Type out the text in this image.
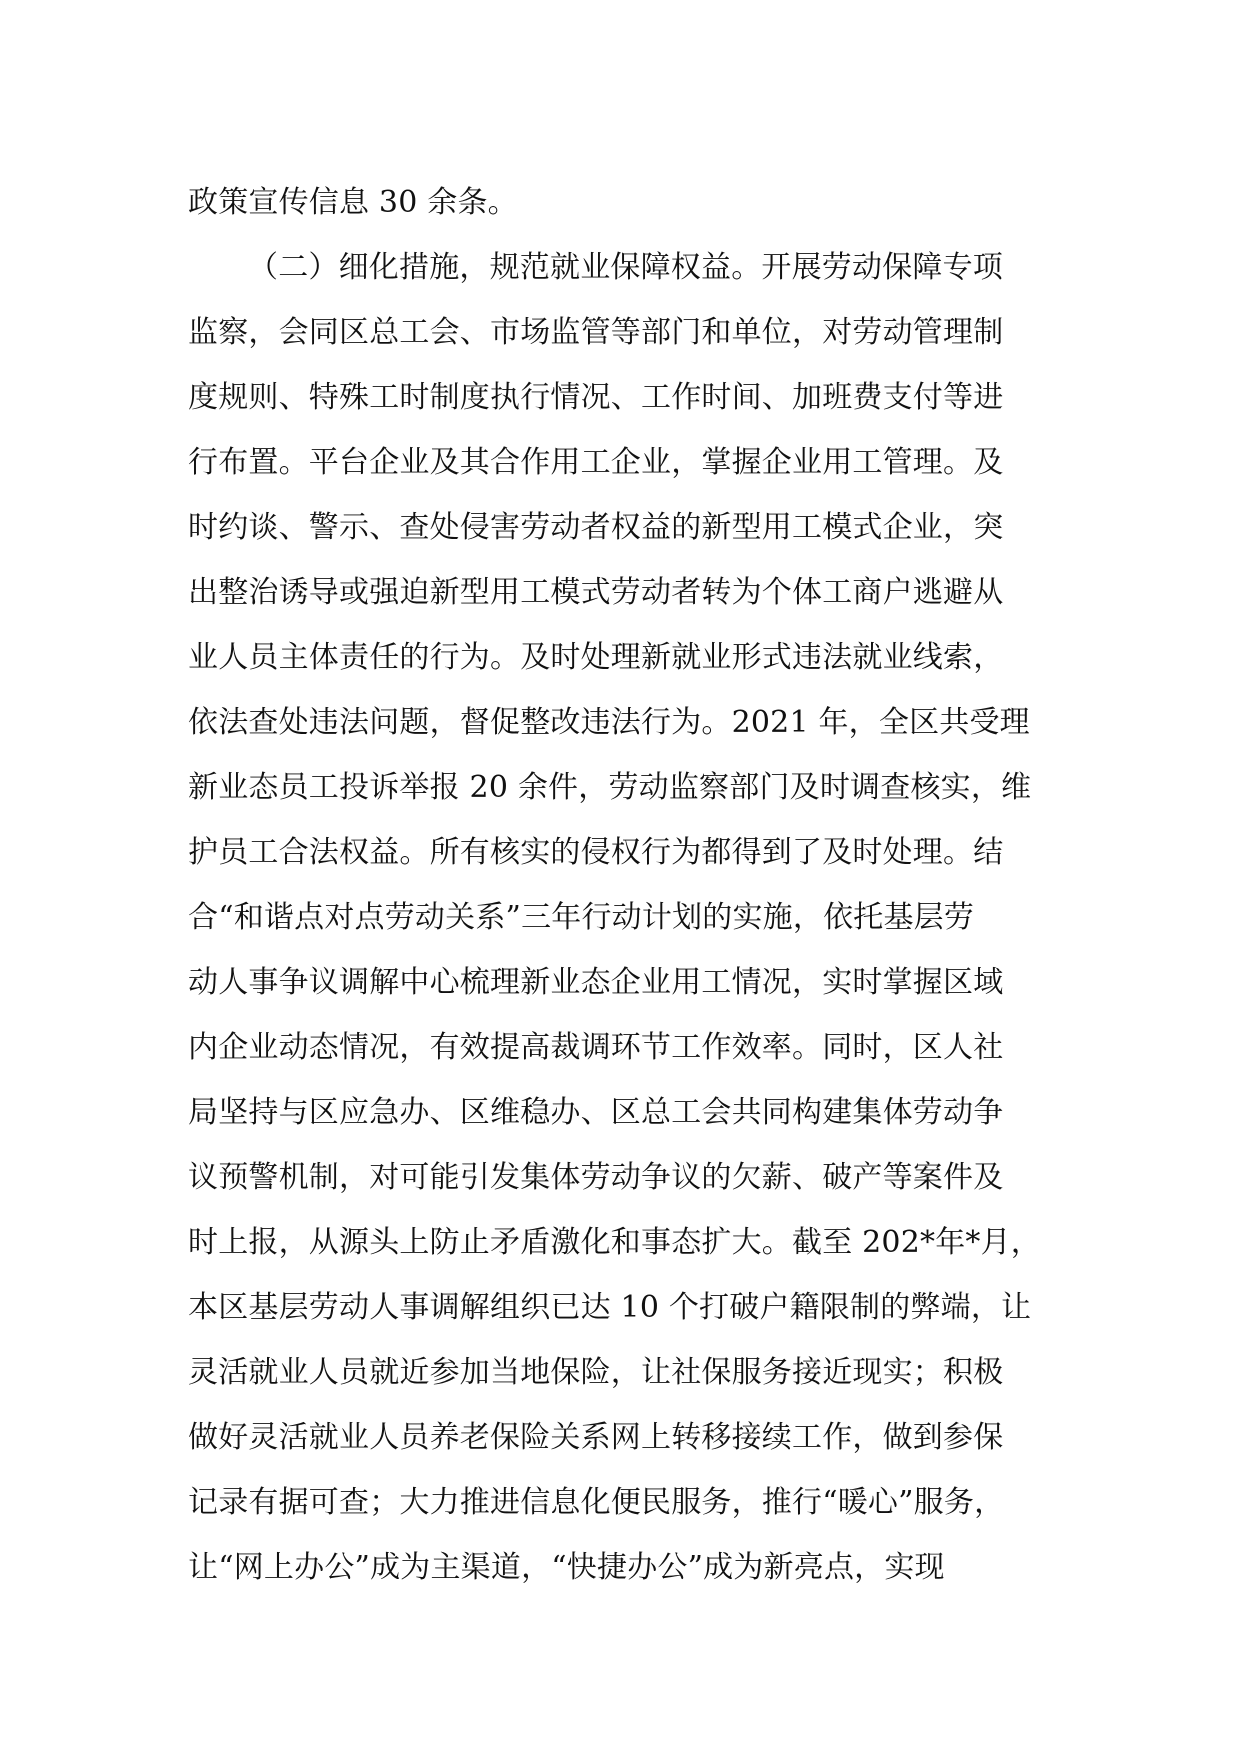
政策宣传信息 30 余条。
（二）细化措施，规范就业保障权益。开展劳动保障专项
监察，会同区总工会、市场监管等部门和单位，对劳动管理制
度规则、特殊工时制度执行情况、工作时间、加班费支付等进
行布置。平台企业及其合作用工企业，掌握企业用工管理。及
时约谈、警示、查处侵害劳动者权益的新型用工模式企业，突
出整治诱导或强迫新型用工模式劳动者转为个体工商户逃避从
业人员主体责任的行为。及时处理新就业形式违法就业线索，
依法查处违法问题，督促整改违法行为。2021 年，全区共受理
新业态员工投诉举报 20 余件，劳动监察部门及时调查核实，维
护员工合法权益。所有核实的侵权行为都得到了及时处理。结
合“和谐点对点劳动关系”三年行动计划的实施，依托基层劳
动人事争议调解中心梳理新业态企业用工情况，实时掌握区域
内企业动态情况，有效提高裁调环节工作效率。同时，区人社
局坚持与区应急办、区维稳办、区总工会共同构建集体劳动争
议预警机制，对可能引发集体劳动争议的欠薪、破产等案件及
时上报，从源头上防止矛盾激化和事态扩大。截至 202*年*月，
本区基层劳动人事调解组织已达 10 个打破户籍限制的弊端，让
灵活就业人员就近参加当地保险，让社保服务接近现实；积极
做好灵活就业人员养老保险关系网上转移接续工作，做到参保
记录有据可查；大力推进信息化便民服务，推行“暖心”服务，
让“网上办公”成为主渠道，“快捷办公”成为新亮点，实现
